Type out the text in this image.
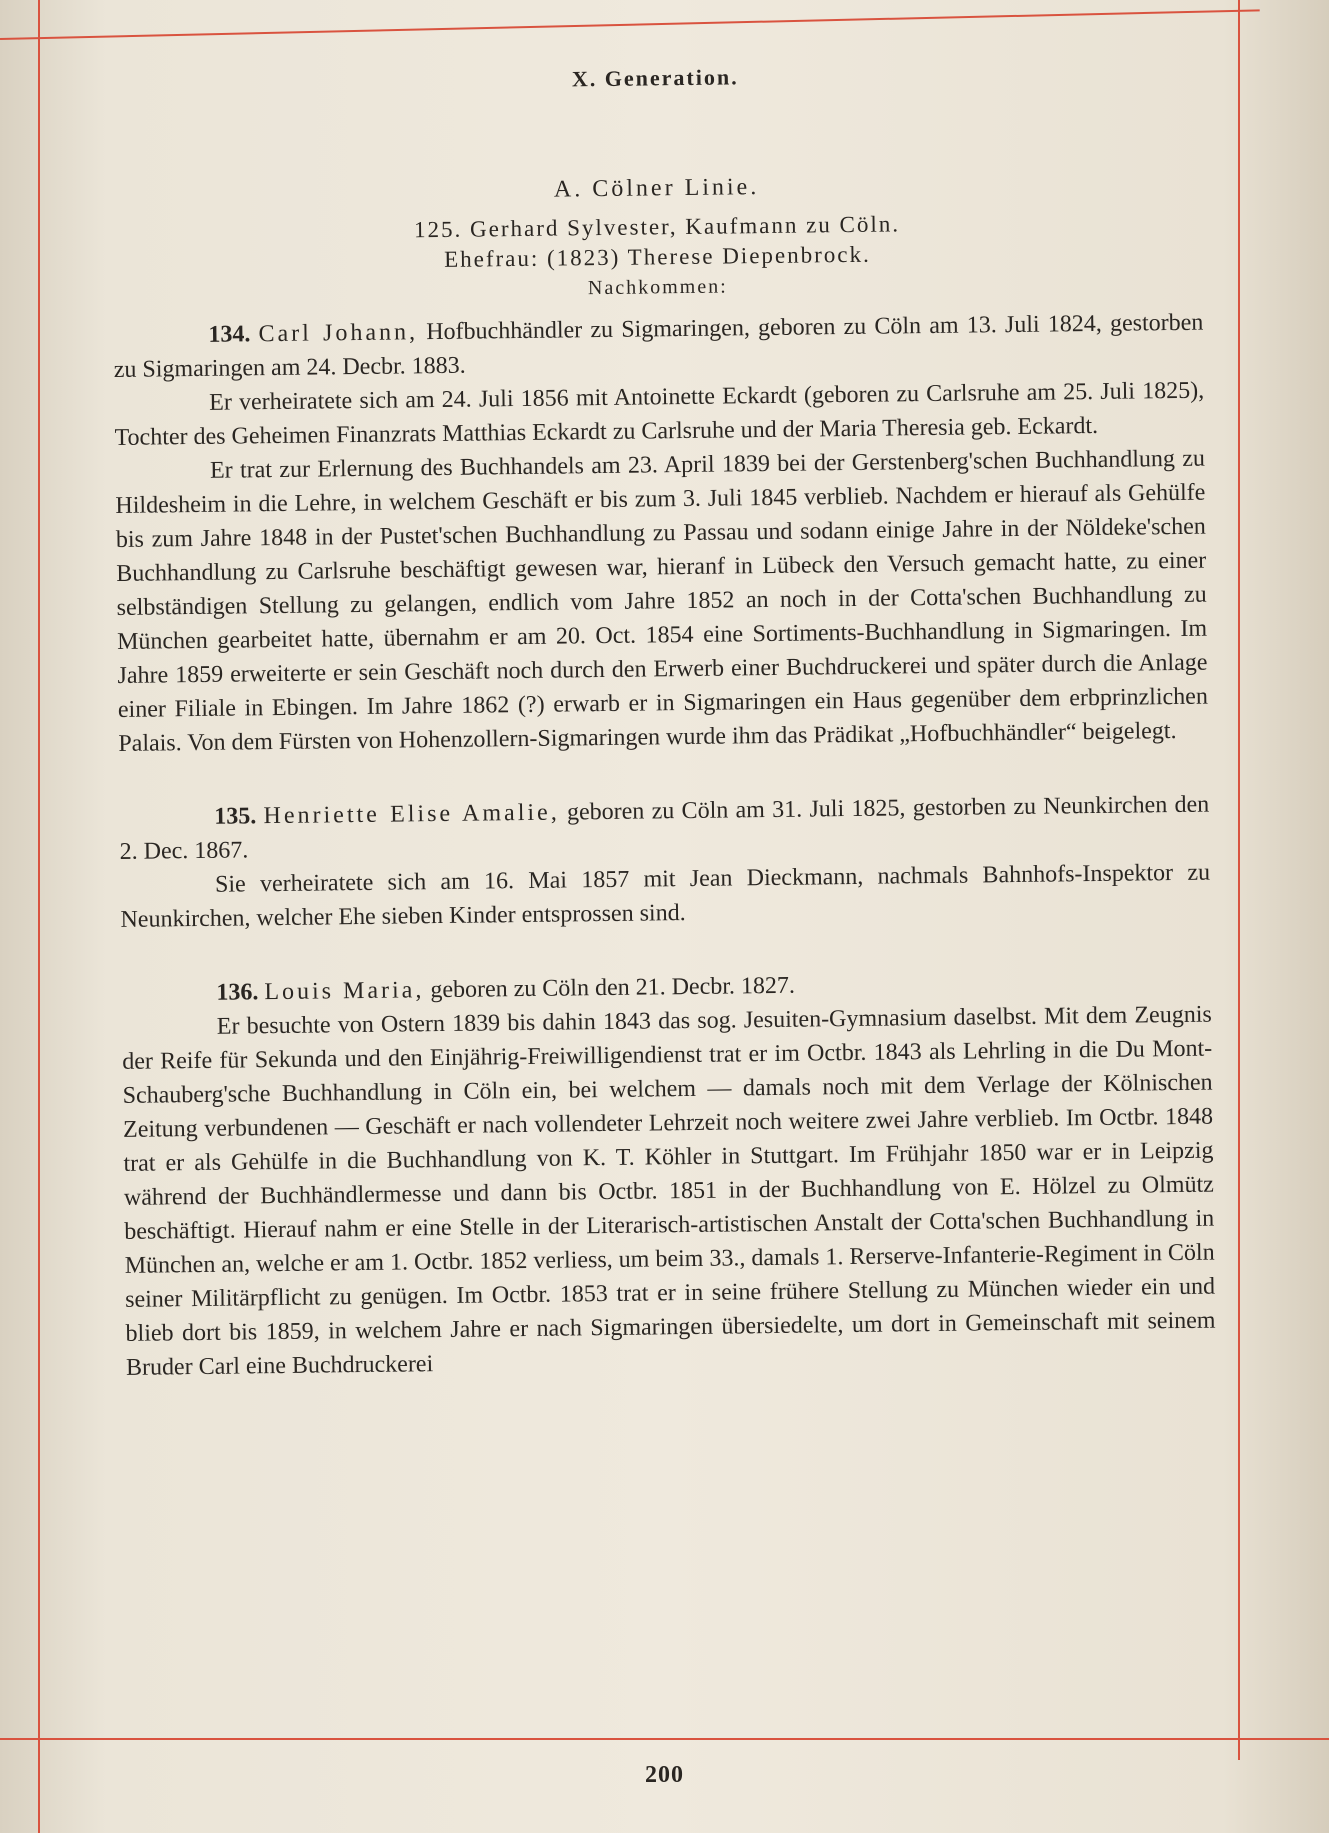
X. Generation.
A. Cölner Linie.
125. Gerhard Sylvester, Kaufmann zu Cöln.
Ehefrau: (1823) Therese Diepenbrock.
Nachkommen:

134. Carl Johann, Hofbuchhändler zu Sigmaringen, geboren zu Cöln am 13. Juli 1824, gestorben zu Sigmaringen am 24. Decbr. 1883.

Er verheiratete sich am 24. Juli 1856 mit Antoinette Eckardt (geboren zu Carlsruhe am 25. Juli 1825), Tochter des Geheimen Finanzrats Matthias Eckardt zu Carlsruhe und der Maria Theresia geb. Eckardt.

Er trat zur Erlernung des Buchhandels am 23. April 1839 bei der Gerstenberg'schen Buchhandlung zu Hildesheim in die Lehre, in welchem Geschäft er bis zum 3. Juli 1845 verblieb. Nachdem er hierauf als Gehülfe bis zum Jahre 1848 in der Pustet'schen Buchhandlung zu Passau und sodann einige Jahre in der Nöldeke'schen Buchhandlung zu Carlsruhe beschäftigt gewesen war, hieranf in Lübeck den Versuch gemacht hatte, zu einer selbständigen Stellung zu gelangen, endlich vom Jahre 1852 an noch in der Cotta'schen Buchhandlung zu München gearbeitet hatte, übernahm er am 20. Oct. 1854 eine Sortiments-Buchhandlung in Sigmaringen. Im Jahre 1859 erweiterte er sein Geschäft noch durch den Erwerb einer Buchdruckerei und später durch die Anlage einer Filiale in Ebingen. Im Jahre 1862 (?) erwarb er in Sigmaringen ein Haus gegenüber dem erbprinzlichen Palais. Von dem Fürsten von Hohenzollern-Sigmaringen wurde ihm das Prädikat „Hofbuchhändler“ beigelegt.

135. Henriette Elise Amalie, geboren zu Cöln am 31. Juli 1825, gestorben zu Neunkirchen den 2. Dec. 1867.

Sie verheiratete sich am 16. Mai 1857 mit Jean Dieckmann, nachmals Bahnhofs-Inspektor zu Neunkirchen, welcher Ehe sieben Kinder entsprossen sind.

136. Louis Maria, geboren zu Cöln den 21. Decbr. 1827.

Er besuchte von Ostern 1839 bis dahin 1843 das sog. Jesuiten-Gymnasium daselbst. Mit dem Zeugnis der Reife für Sekunda und den Einjährig-Freiwilligendienst trat er im Octbr. 1843 als Lehrling in die Du Mont-Schauberg'sche Buchhandlung in Cöln ein, bei welchem — damals noch mit dem Verlage der Kölnischen Zeitung verbundenen — Geschäft er nach vollendeter Lehrzeit noch weitere zwei Jahre verblieb. Im Octbr. 1848 trat er als Gehülfe in die Buchhandlung von K. T. Köhler in Stuttgart. Im Frühjahr 1850 war er in Leipzig während der Buchhändlermesse und dann bis Octbr. 1851 in der Buchhandlung von E. Hölzel zu Olmütz beschäftigt. Hierauf nahm er eine Stelle in der Literarisch-artistischen Anstalt der Cotta'schen Buchhandlung in München an, welche er am 1. Octbr. 1852 verliess, um beim 33., damals 1. Rerserve-Infanterie-Regiment in Cöln seiner Militärpflicht zu genügen. Im Octbr. 1853 trat er in seine frühere Stellung zu München wieder ein und blieb dort bis 1859, in welchem Jahre er nach Sigmaringen übersiedelte, um dort in Gemeinschaft mit seinem Bruder Carl eine Buchdruckerei

200
